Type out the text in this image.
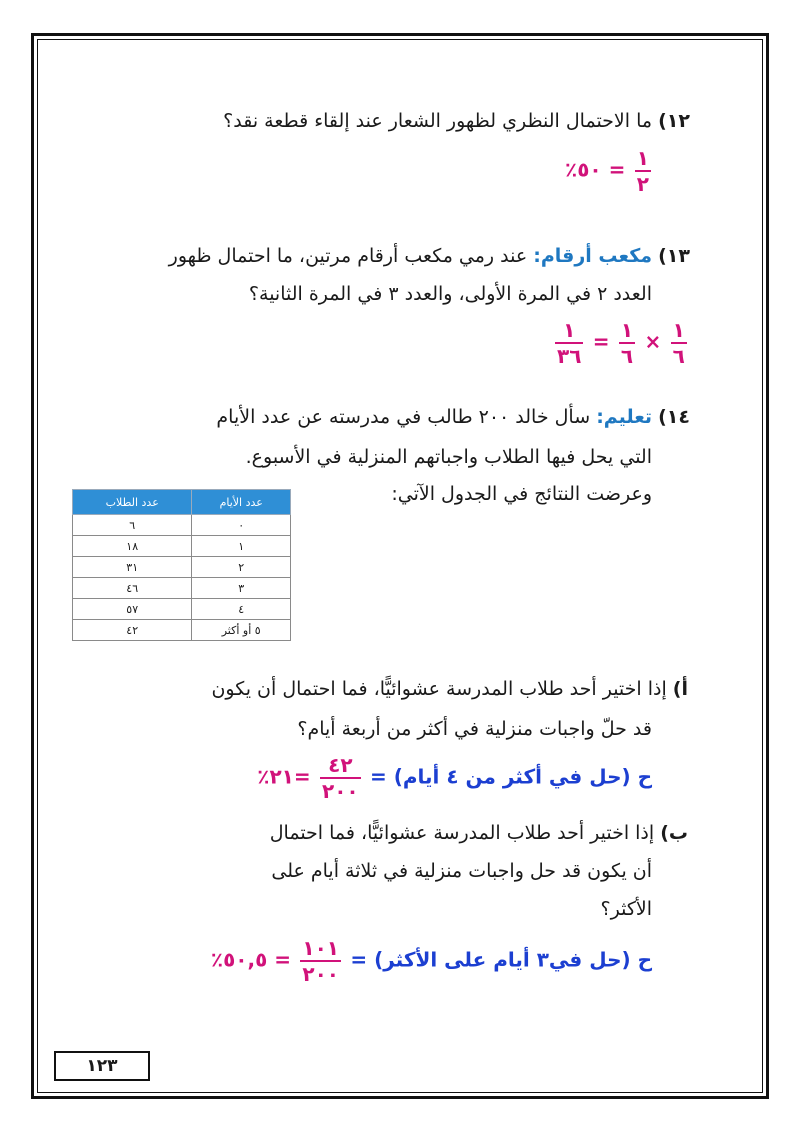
١٢) ما الاحتمال النظري لظهور الشعار عند إلقاء قطعة نقد؟
= ٥٠٪ $\frac{١}{٢}$
١٣) مكعب أرقام: عند رمي مكعب أرقام مرتين، ما احتمال ظهور
العدد ٢ في المرة الأولى، والعدد ٣ في المرة الثانية؟
$\frac{١}{٣٦} = \frac{١}{٦} \times \frac{١}{٦}$
١٤) تعليم: سأل خالد ٢٠٠ طالب في مدرسته عن عدد الأيام
التي يحل فيها الطلاب واجباتهم المنزلية في الأسبوع.
وعرضت النتائج في الجدول الآتي:
عدد الأيام	عدد الطلاب
٠	٦
١	١٨
٢	٣١
٣	٤٦
٤	٥٧
٥ أو أكثر	٤٢
أ) إذا اختير أحد طلاب المدرسة عشوائيًّا، فما احتمال أن يكون
قد حلّ واجبات منزلية في أكثر من أربعة أيام؟
ح (حل في أكثر من ٤ أيام) =
$\frac{٤٢}{٢٠٠}$
=٢١٪
ب) إذا اختير أحد طلاب المدرسة عشوائيًّا، فما احتمال
أن يكون قد حل واجبات منزلية في ثلاثة أيام على
الأكثر؟
ح (حل في٣ أيام على الأكثر) =
$\frac{١٠١}{٢٠٠}$
= ٥٠,٥٪
١٢٣
